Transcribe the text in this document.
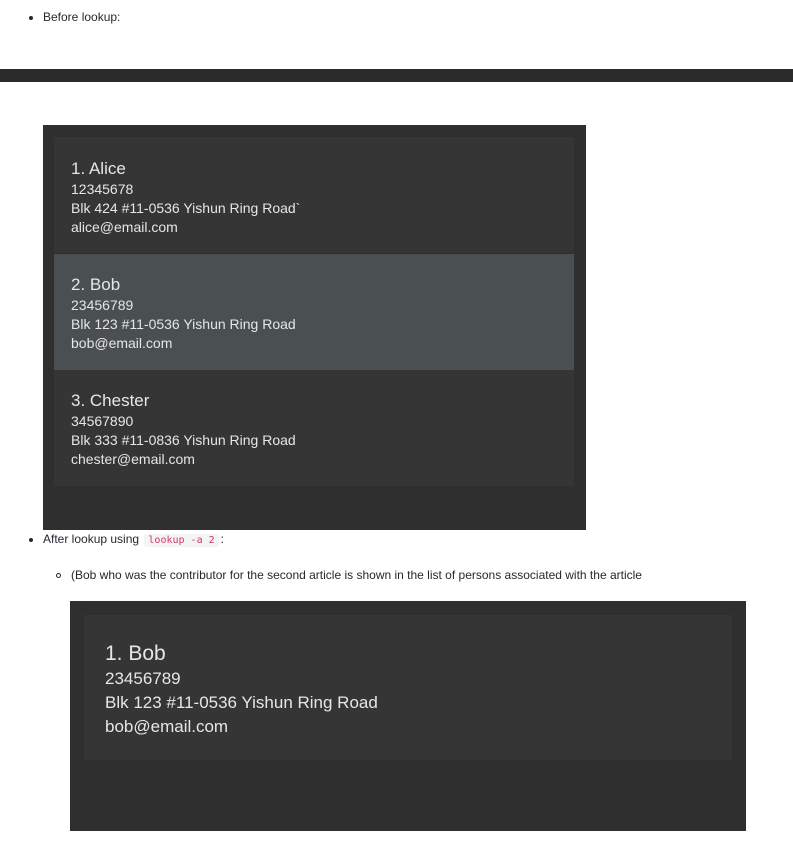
Before lookup:
1. Alice
12345678
Blk 424 #11-0536 Yishun Ring Road`
alice@email.com
2. Bob
23456789
Blk 123 #11-0536 Yishun Ring Road
bob@email.com
3. Chester
34567890
Blk 333 #11-0836 Yishun Ring Road
chester@email.com
After lookup using lookup -a 2 :
(Bob who was the contributor for the second article is shown in the list of persons associated with the article
1. Bob
23456789
Blk 123 #11-0536 Yishun Ring Road
bob@email.com
